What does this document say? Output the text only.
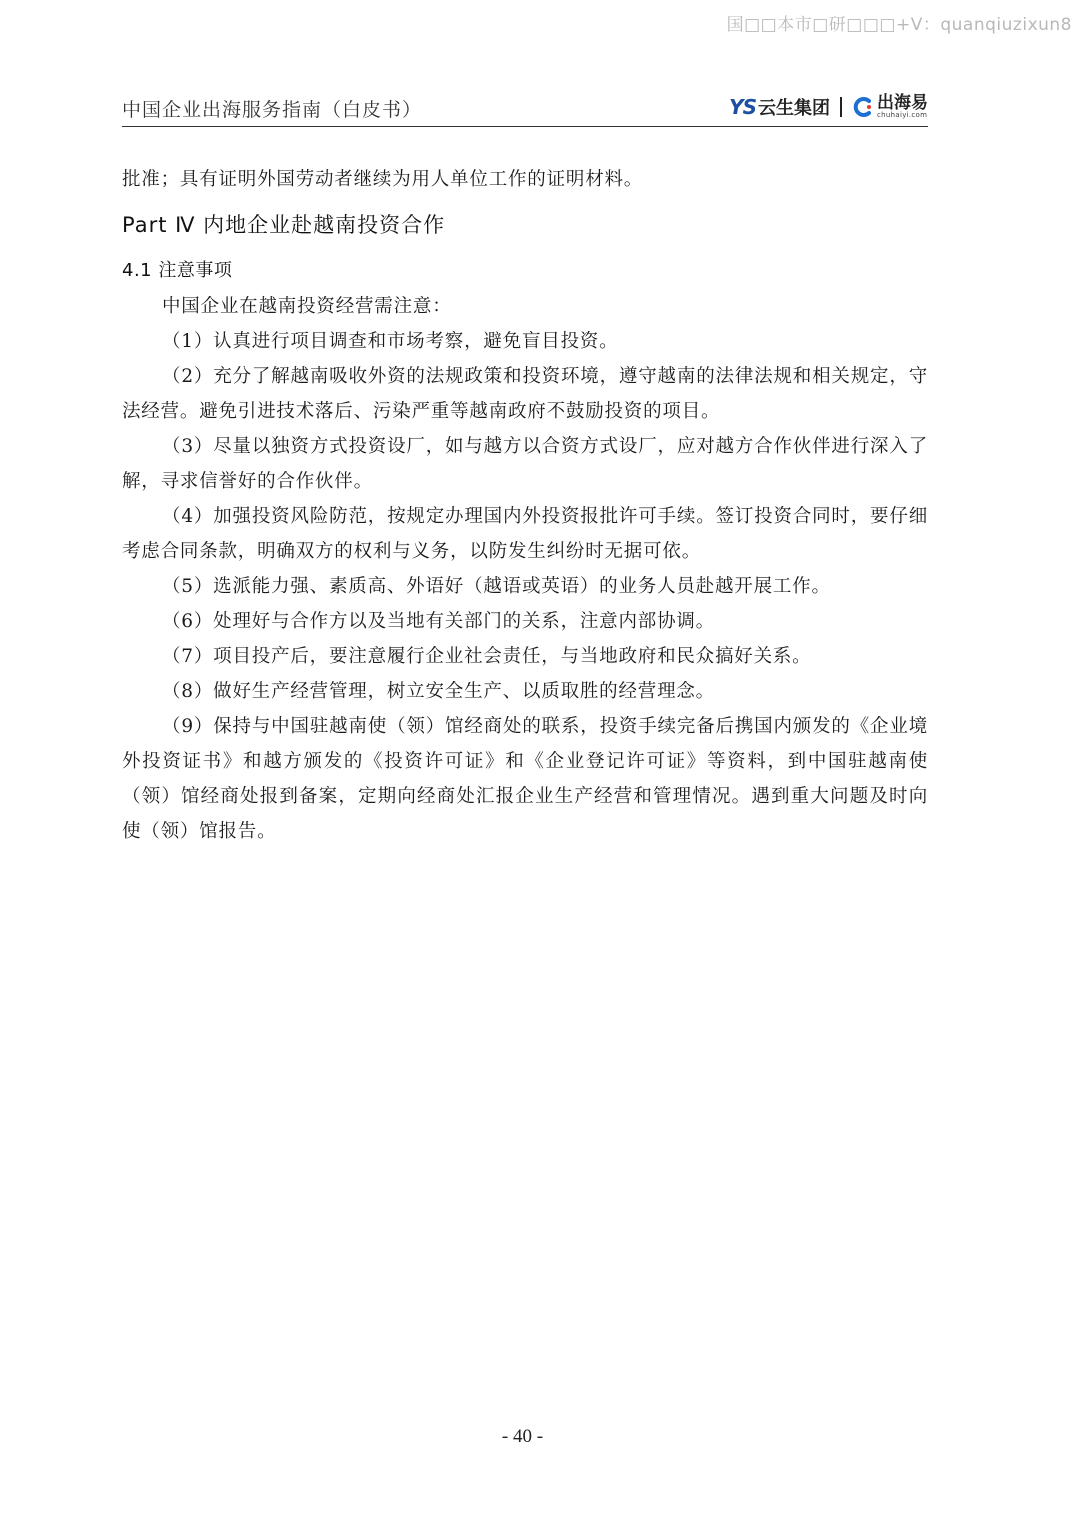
国□□本市□研□□□+V：quanqiuzixun8
中国企业出海服务指南（白皮书）	YS 云生集团	出海易
chuhaiyi.com

批准；具有证明外国劳动者继续为用人单位工作的证明材料。

Part Ⅳ 内地企业赴越南投资合作
4.1 注意事项

中国企业在越南投资经营需注意：

（1）认真进行项目调查和市场考察，避免盲目投资。

（2）充分了解越南吸收外资的法规政策和投资环境，遵守越南的法律法规和相关规定，守法经营。避免引进技术落后、污染严重等越南政府不鼓励投资的项目。

（3）尽量以独资方式投资设厂，如与越方以合资方式设厂，应对越方合作伙伴进行深入了解，寻求信誉好的合作伙伴。

（4）加强投资风险防范，按规定办理国内外投资报批许可手续。签订投资合同时，要仔细考虑合同条款，明确双方的权利与义务，以防发生纠纷时无据可依。

（5）选派能力强、素质高、外语好（越语或英语）的业务人员赴越开展工作。

（6）处理好与合作方以及当地有关部门的关系，注意内部协调。

（7）项目投产后，要注意履行企业社会责任，与当地政府和民众搞好关系。

（8）做好生产经营管理，树立安全生产、以质取胜的经营理念。

（9）保持与中国驻越南使（领）馆经商处的联系，投资手续完备后携国内颁发的《企业境外投资证书》和越方颁发的《投资许可证》和《企业登记许可证》等资料，到中国驻越南使（领）馆经商处报到备案，定期向经商处汇报企业生产经营和管理情况。遇到重大问题及时向使（领）馆报告。

- 40 -
